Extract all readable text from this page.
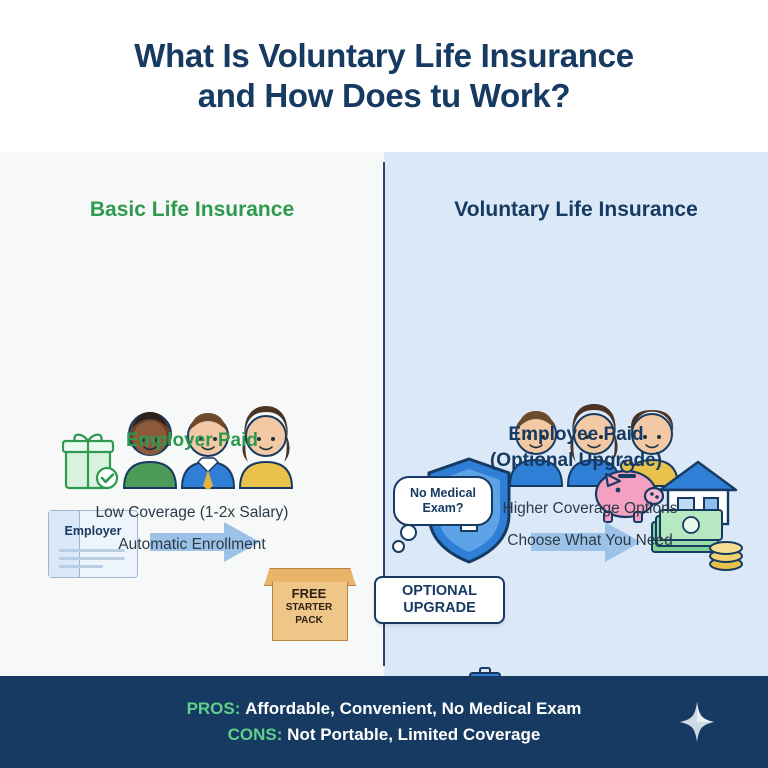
What Is Voluntary Life Insurance
and How Does tu Work?
Basic Life Insurance
Employer
Employer Paid
Low Coverage (1-2x Salary)
Automatic Enrollment
Voluntary Life Insurance
Employee Paid
(Optional Upgrade)
Higher Coverage Options
Choose What You Need
No Medical Exam?
FREE
STARTER
PACK
OPTIONAL
UPGRADE
PROS: Affordable, Convenient, No Medical Exam
CONS: Not Portable, Limited Coverage
